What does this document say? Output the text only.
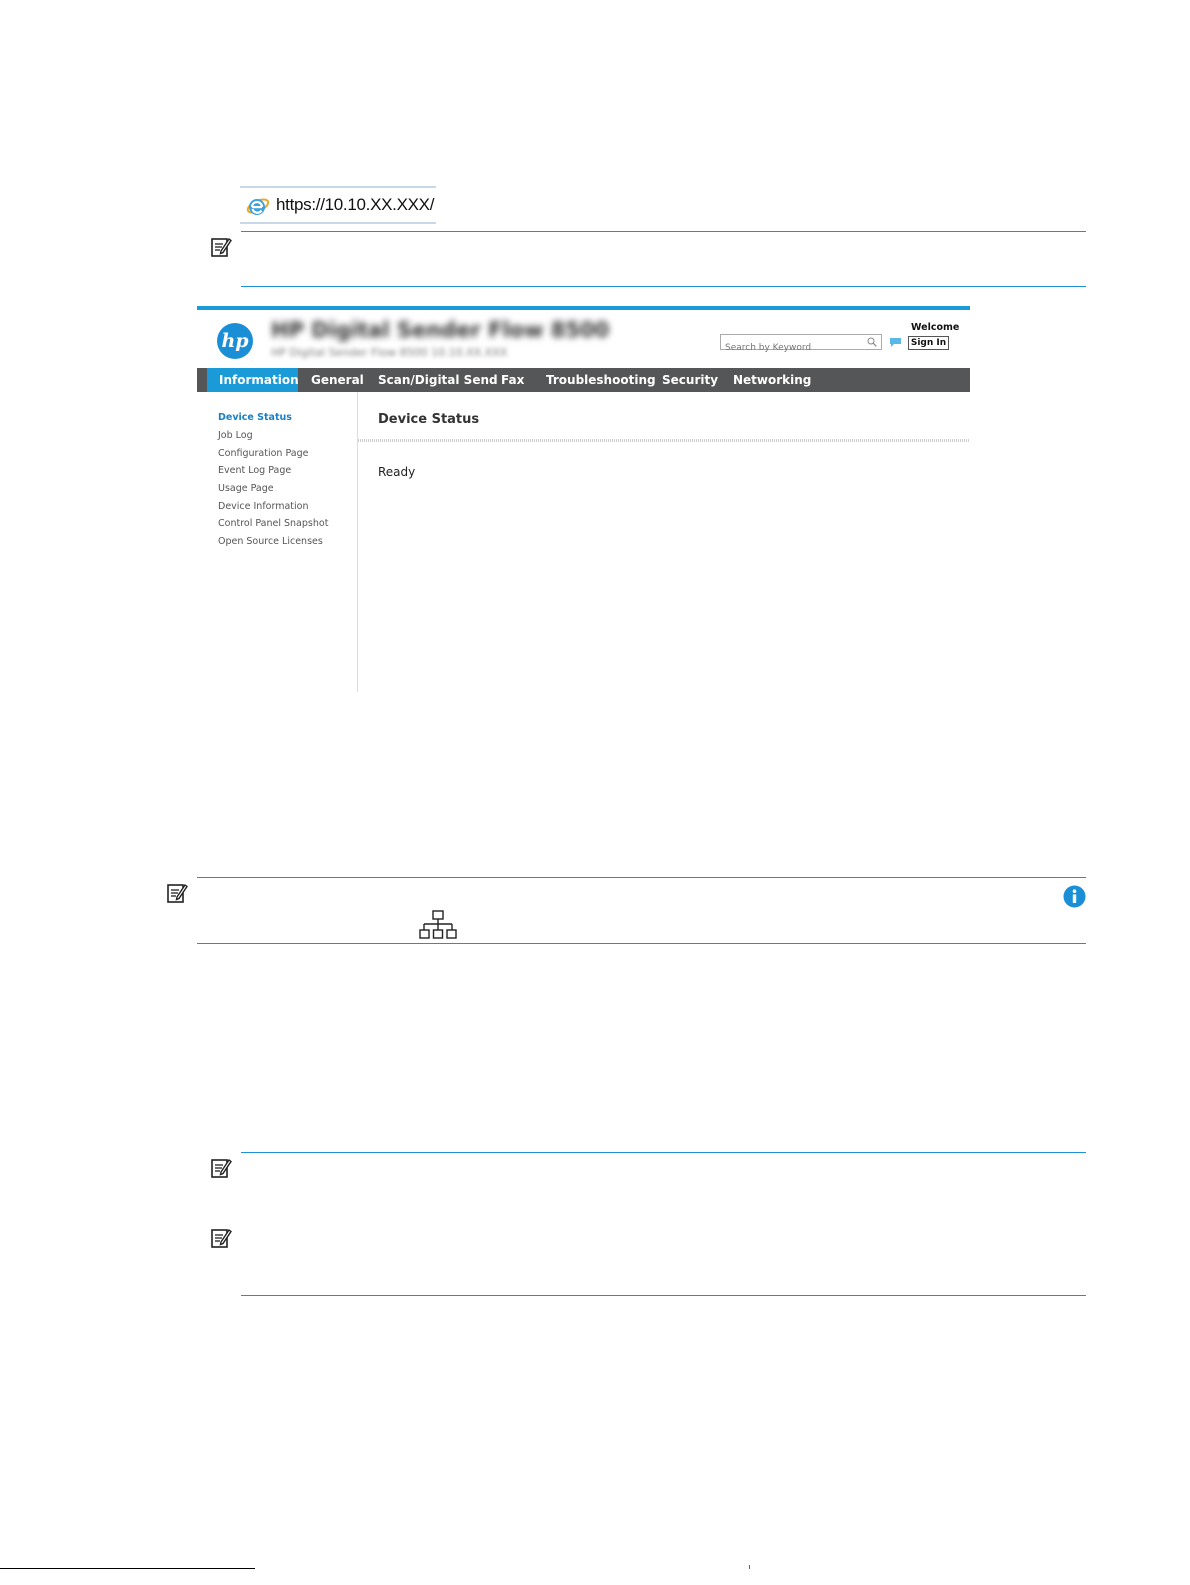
https://10.10.XX.XXX/
hp HP Digital Sender Flow 8500
HP Digital Sender Flow 8500 10.10.XX.XXX
Search by Keyword
Welcome
Sign In
Information General Scan/Digital Send Fax Troubleshooting Security Networking
Device Status
Job Log
Configuration Page
Event Log Page
Usage Page
Device Information
Control Panel Snapshot
Open Source Licenses
Device Status
Ready
